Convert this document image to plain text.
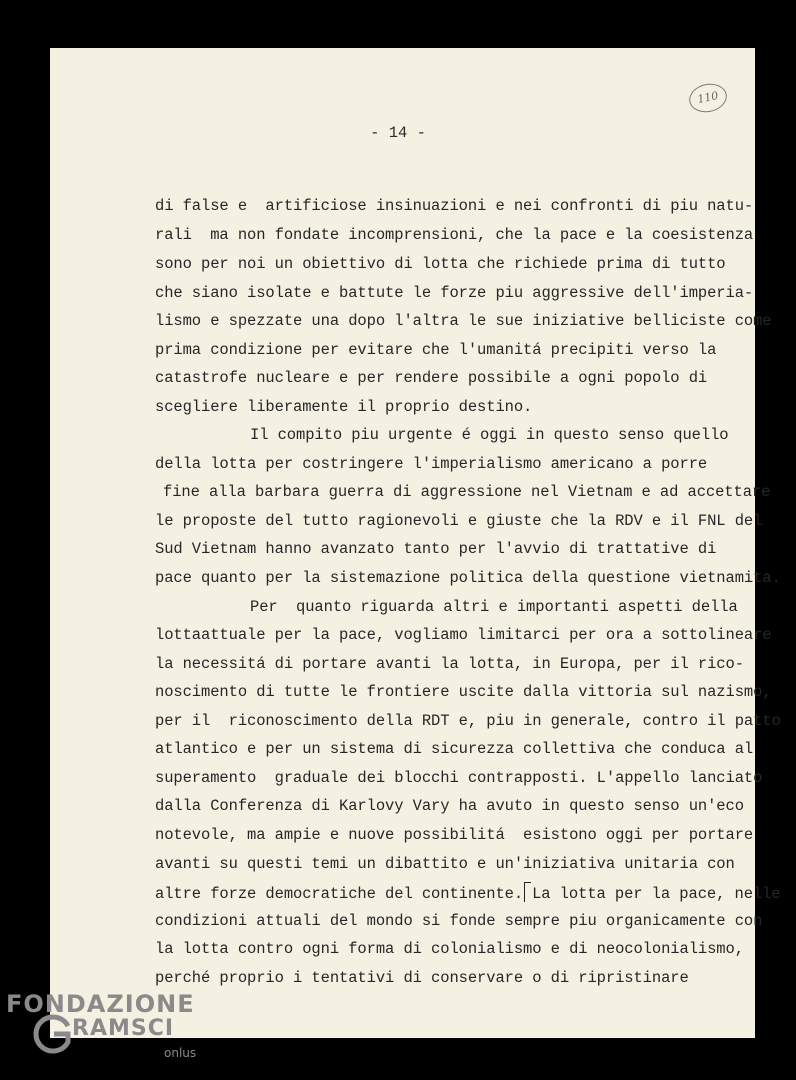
110
- 14 -
di false e  artificiose insinuazioni e nei confronti di piu natu-
rali  ma non fondate incomprensioni, che la pace e la coesistenza
sono per noi un obiettivo di lotta che richiede prima di tutto
che siano isolate e battute le forze piu aggressive dell'imperia-
lismo e spezzate una dopo l'altra le sue iniziative belliciste come
prima condizione per evitare che l'umanitá precipiti verso la
catastrofe nucleare e per rendere possibile a ogni popolo di
scegliere liberamente il proprio destino.
Il compito piu urgente é oggi in questo senso quello
della lotta per costringere l'imperialismo americano a porre
fine alla barbara guerra di aggressione nel Vietnam e ad accettare
le proposte del tutto ragionevoli e giuste che la RDV e il FNL del
Sud Vietnam hanno avanzato tanto per l'avvio di trattative di
pace quanto per la sistemazione politica della questione vietnamita.
Per  quanto riguarda altri e importanti aspetti della
lottaattuale per la pace, vogliamo limitarci per ora a sottolineare
la necessitá di portare avanti la lotta, in Europa, per il rico-
noscimento di tutte le frontiere uscite dalla vittoria sul nazismo,
per il  riconoscimento della RDT e, piu in generale, contro il patto
atlantico e per un sistema di sicurezza collettiva che conduca al
superamento  graduale dei blocchi contrapposti. L'appello lanciato
dalla Conferenza di Karlovy Vary ha avuto in questo senso un'eco
notevole, ma ampie e nuove possibilitá  esistono oggi per portare
avanti su questi temi un dibattito e un'iniziativa unitaria con
altre forze democratiche del continente. La lotta per la pace, nelle
condizioni attuali del mondo si fonde sempre piu organicamente con
la lotta contro ogni forma di colonialismo e di neocolonialismo,
perché proprio i tentativi di conservare o di ripristinare
FONDAZIONE
RAMSCI
onlus
